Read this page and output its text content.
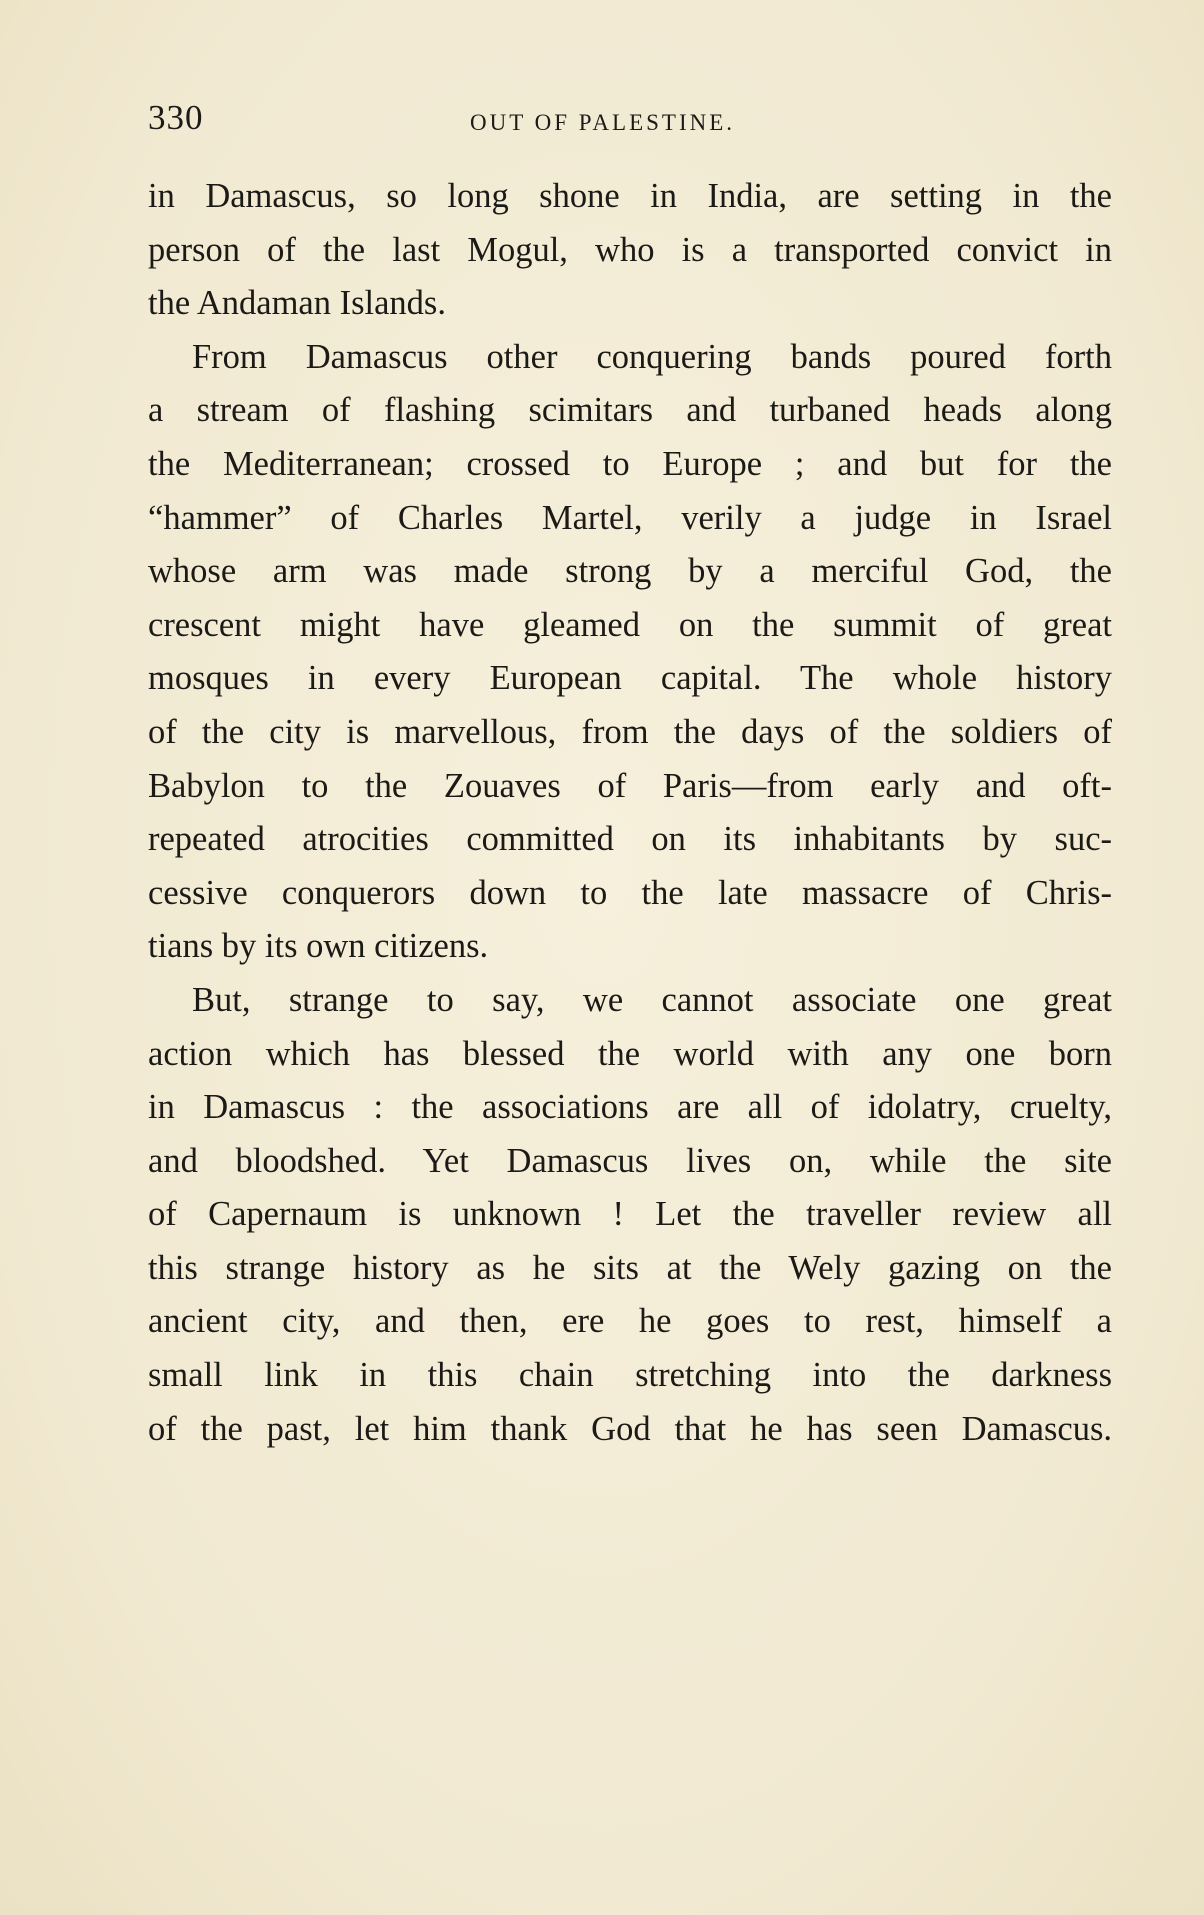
330	OUT OF PALESTINE.
in Damascus, so long shone in India, are setting in the
person of the last Mogul, who is a transported convict in
the Andaman Islands.
From Damascus other conquering bands poured forth
a stream of flashing scimitars and turbaned heads along
the Mediterranean; crossed to Europe ; and but for the
“hammer” of Charles Martel, verily a judge in Israel
whose arm was made strong by a merciful God, the
crescent might have gleamed on the summit of great
mosques in every European capital. The whole history
of the city is marvellous, from the days of the soldiers of
Babylon to the Zouaves of Paris—from early and oft-
repeated atrocities committed on its inhabitants by suc-
cessive conquerors down to the late massacre of Chris-
tians by its own citizens.
But, strange to say, we cannot associate one great
action which has blessed the world with any one born
in Damascus : the associations are all of idolatry, cruelty,
and bloodshed. Yet Damascus lives on, while the site
of Capernaum is unknown ! Let the traveller review all
this strange history as he sits at the Wely gazing on the
ancient city, and then, ere he goes to rest, himself a
small link in this chain stretching into the darkness
of the past, let him thank God that he has seen Damascus.
